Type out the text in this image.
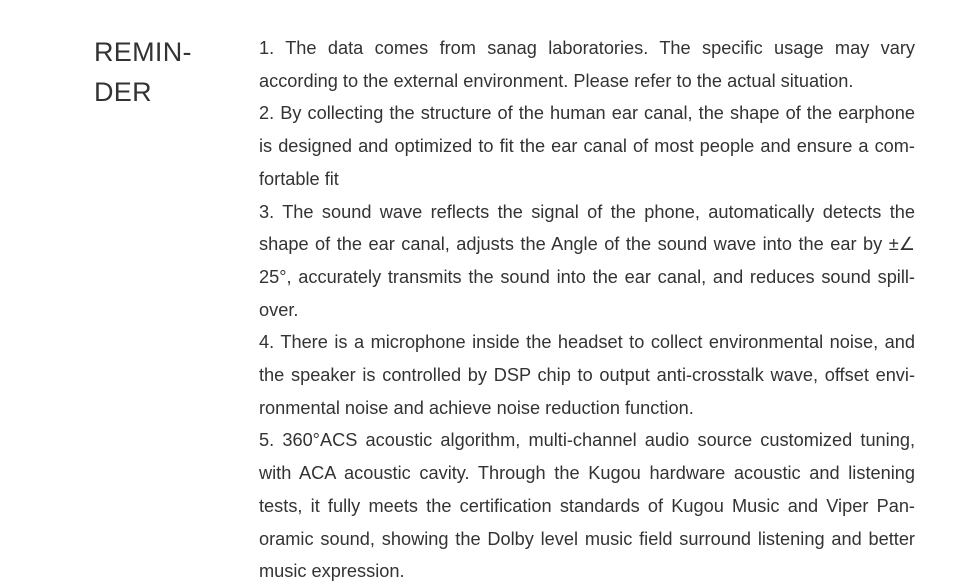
REMIN-
DER

1. The data comes from sanag laboratories. The specific usage may vary according to the external environment. Please refer to the actual situation.

2. By collecting the structure of the human ear canal, the shape of the earphone is designed and optimized to fit the ear canal of most people and ensure a com-fortable fit

3. The sound wave reflects the signal of the phone, automatically detects the shape of the ear canal, adjusts the Angle of the sound wave into the ear by ±∠ 25°, accurately transmits the sound into the ear canal, and reduces sound spill-over.

4. There is a microphone inside the headset to collect environmental noise, and the speaker is controlled by DSP chip to output anti-crosstalk wave, offset envi-ronmental noise and achieve noise reduction function.

5. 360°ACS acoustic algorithm, multi-channel audio source customized tuning, with ACA acoustic cavity. Through the Kugou hardware acoustic and listening tests, it fully meets the certification standards of Kugou Music and Viper Pan-oramic sound, showing the Dolby level music field surround listening and better music expression.
